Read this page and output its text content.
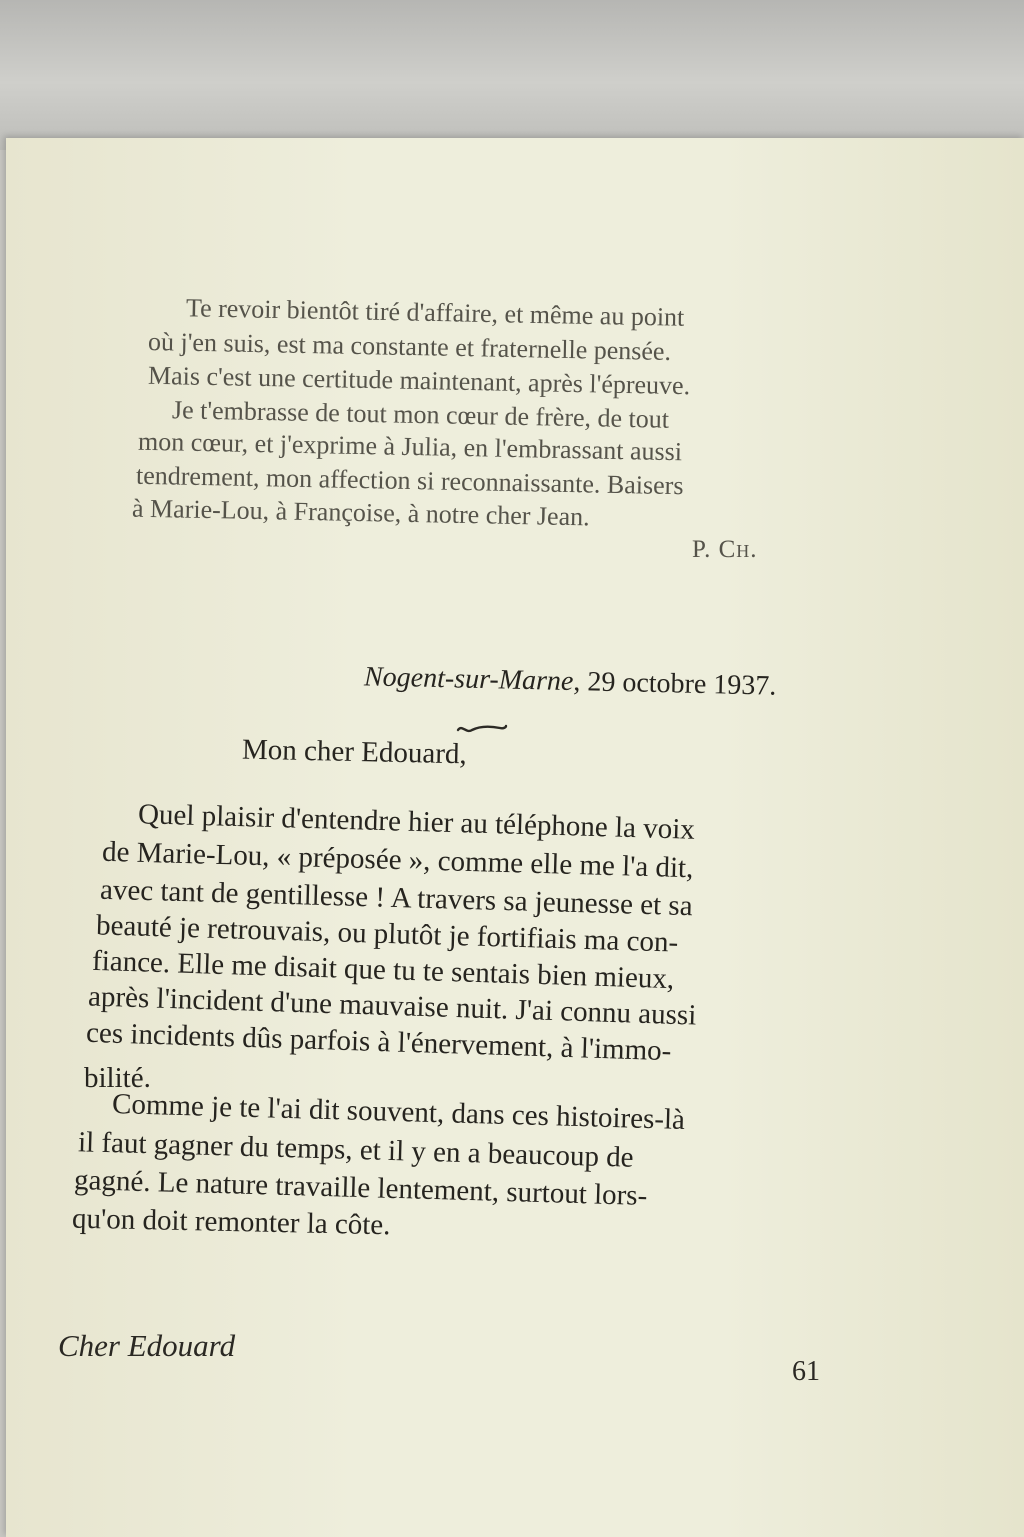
Te revoir bientôt tiré d'affaire, et même au point
où j'en suis, est ma constante et fraternelle pensée.
Mais c'est une certitude maintenant, après l'épreuve.
Je t'embrasse de tout mon cœur de frère, de tout
mon cœur, et j'exprime à Julia, en l'embrassant aussi
tendrement, mon affection si reconnaissante. Baisers
à Marie-Lou, à Françoise, à notre cher Jean.
P. Ch.
Nogent-sur-Marne, 29 octobre 1937.
Mon cher Edouard,
Quel plaisir d'entendre hier au téléphone la voix
de Marie-Lou, « préposée », comme elle me l'a dit,
avec tant de gentillesse ! A travers sa jeunesse et sa
beauté je retrouvais, ou plutôt je fortifiais ma con-
fiance. Elle me disait que tu te sentais bien mieux,
après l'incident d'une mauvaise nuit. J'ai connu aussi
ces incidents dûs parfois à l'énervement, à l'immo-
bilité.
Comme je te l'ai dit souvent, dans ces histoires-là
il faut gagner du temps, et il y en a beaucoup de
gagné. Le nature travaille lentement, surtout lors-
qu'on doit remonter la côte.
Cher Edouard
61
